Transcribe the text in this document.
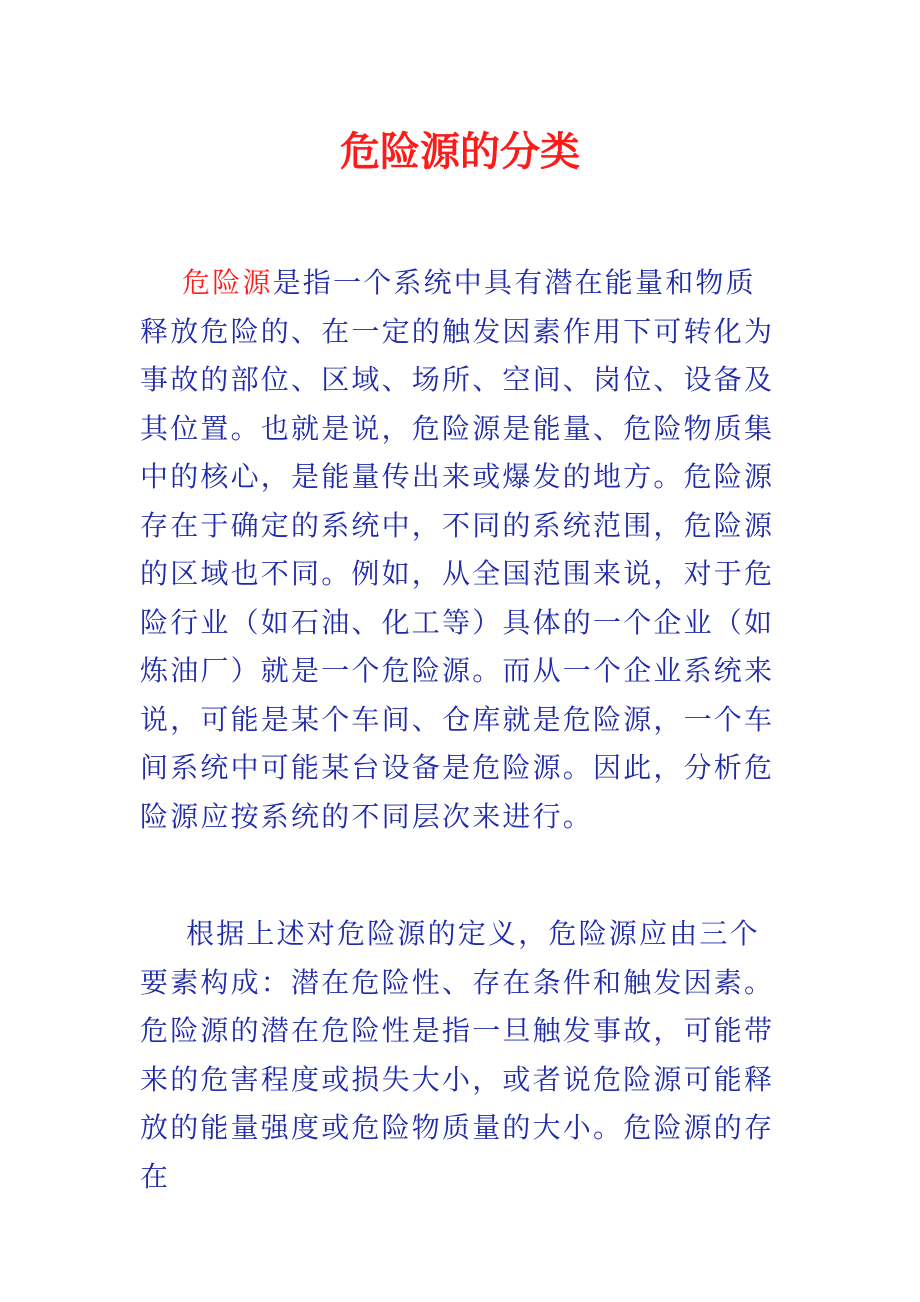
危险源的分类
危险源是指一个系统中具有潜在能量和物质释放危险的、在一定的触发因素作用下可转化为事故的部位、区域、场所、空间、岗位、设备及其位置。也就是说，危险源是能量、危险物质集中的核心，是能量传出来或爆发的地方。危险源存在于确定的系统中，不同的系统范围，危险源的区域也不同。例如，从全国范围来说，对于危险行业（如石油、化工等）具体的一个企业（如炼油厂）就是一个危险源。而从一个企业系统来说，可能是某个车间、仓库就是危险源，一个车间系统中可能某台设备是危险源。因此，分析危险源应按系统的不同层次来进行。
根据上述对危险源的定义，危险源应由三个要素构成：潜在危险性、存在条件和触发因素。危险源的潜在危险性是指一旦触发事故，可能带来的危害程度或损失大小，或者说危险源可能释放的能量强度或危险物质量的大小。危险源的存在
